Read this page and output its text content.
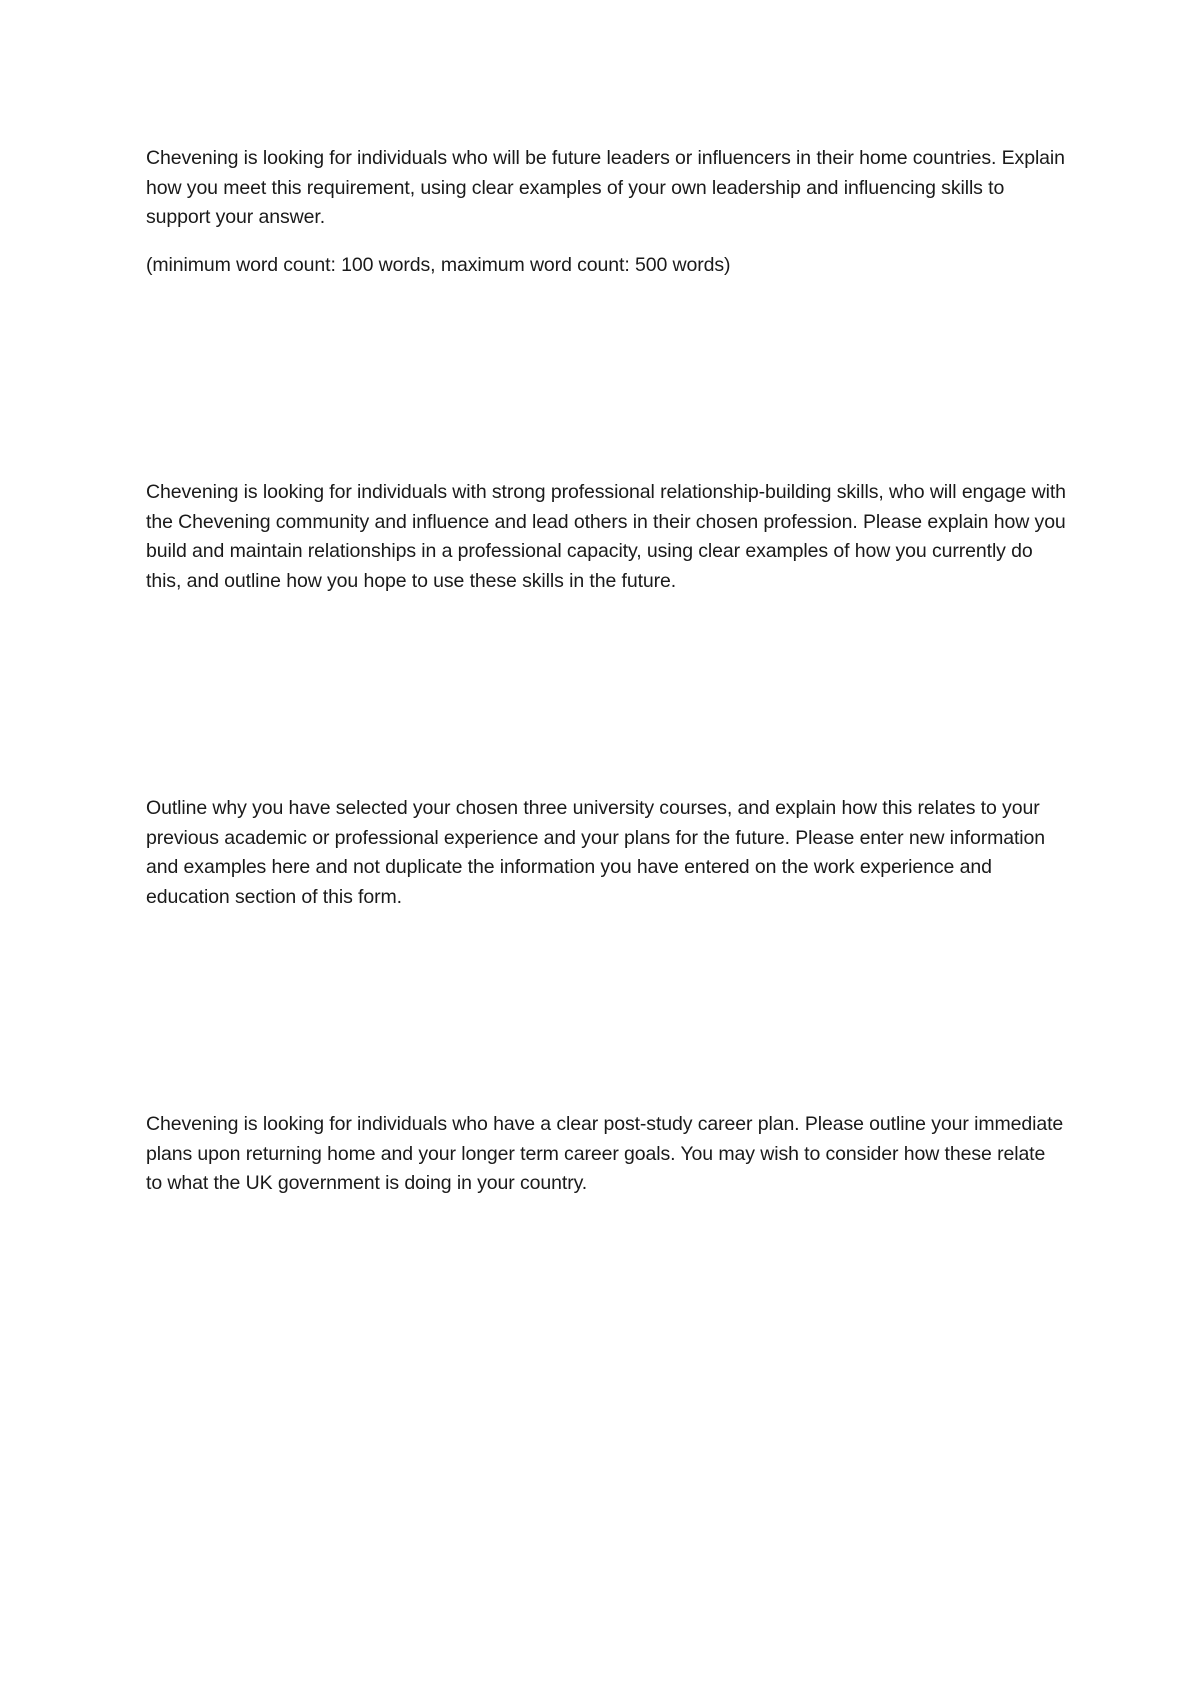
Chevening is looking for individuals who will be future leaders or influencers in their home countries. Explain how you meet this requirement, using clear examples of your own leadership and influencing skills to support your answer.

(minimum word count: 100 words, maximum word count: 500 words)

Chevening is looking for individuals with strong professional relationship-building skills, who will engage with the Chevening community and influence and lead others in their chosen profession. Please explain how you build and maintain relationships in a professional capacity, using clear examples of how you currently do this, and outline how you hope to use these skills in the future.

Outline why you have selected your chosen three university courses, and explain how this relates to your previous academic or professional experience and your plans for the future. Please enter new information and examples here and not duplicate the information you have entered on the work experience and education section of this form.

Chevening is looking for individuals who have a clear post-study career plan. Please outline your immediate plans upon returning home and your longer term career goals. You may wish to consider how these relate to what the UK government is doing in your country.
